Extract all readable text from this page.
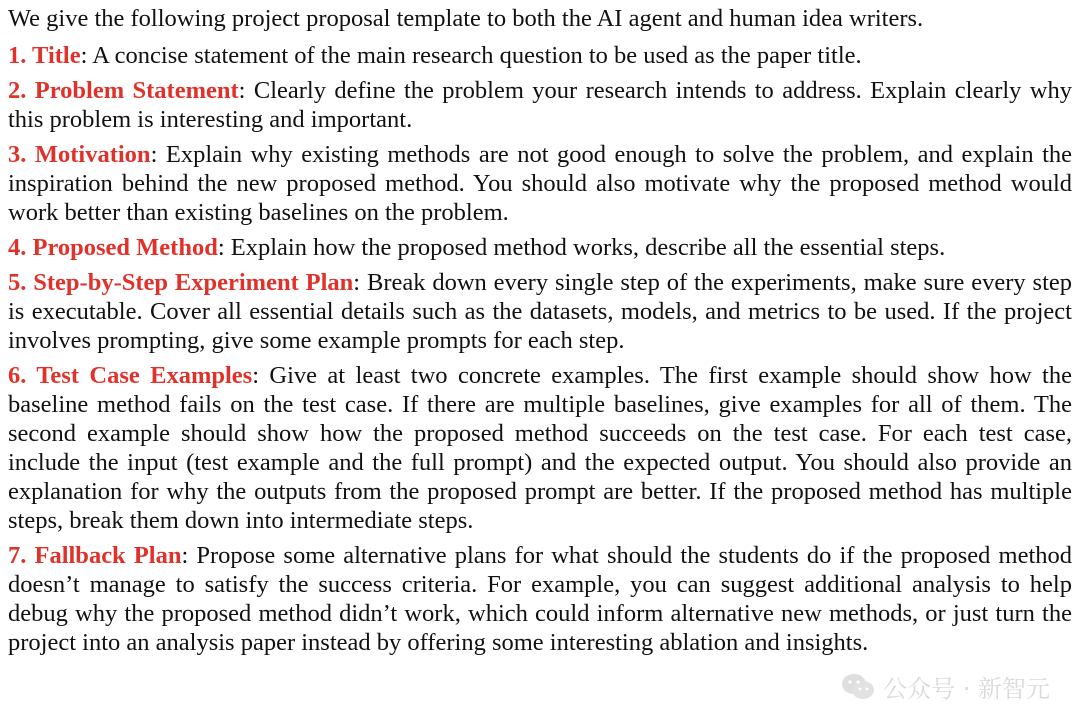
We give the following project proposal template to both the AI agent and human idea writers.

1. Title: A concise statement of the main research question to be used as the paper title.

2. Problem Statement: Clearly define the problem your research intends to address. Explain clearly why this problem is interesting and important.

3. Motivation: Explain why existing methods are not good enough to solve the problem, and explain the inspiration behind the new proposed method. You should also motivate why the proposed method would work better than existing baselines on the problem.

4. Proposed Method: Explain how the proposed method works, describe all the essential steps.

5. Step-by-Step Experiment Plan: Break down every single step of the experiments, make sure every step is executable. Cover all essential details such as the datasets, models, and metrics to be used. If the project involves prompting, give some example prompts for each step.

6. Test Case Examples: Give at least two concrete examples. The first example should show how the baseline method fails on the test case. If there are multiple baselines, give examples for all of them. The second example should show how the proposed method succeeds on the test case. For each test case, include the input (test example and the full prompt) and the expected output. You should also provide an explanation for why the outputs from the proposed prompt are better. If the proposed method has multiple steps, break them down into intermediate steps.

7. Fallback Plan: Propose some alternative plans for what should the students do if the proposed method doesn’t manage to satisfy the success criteria. For example, you can suggest additional analysis to help debug why the proposed method didn’t work, which could inform alternative new methods, or just turn the project into an analysis paper instead by offering some interesting ablation and insights.

公众号 · 新智元
